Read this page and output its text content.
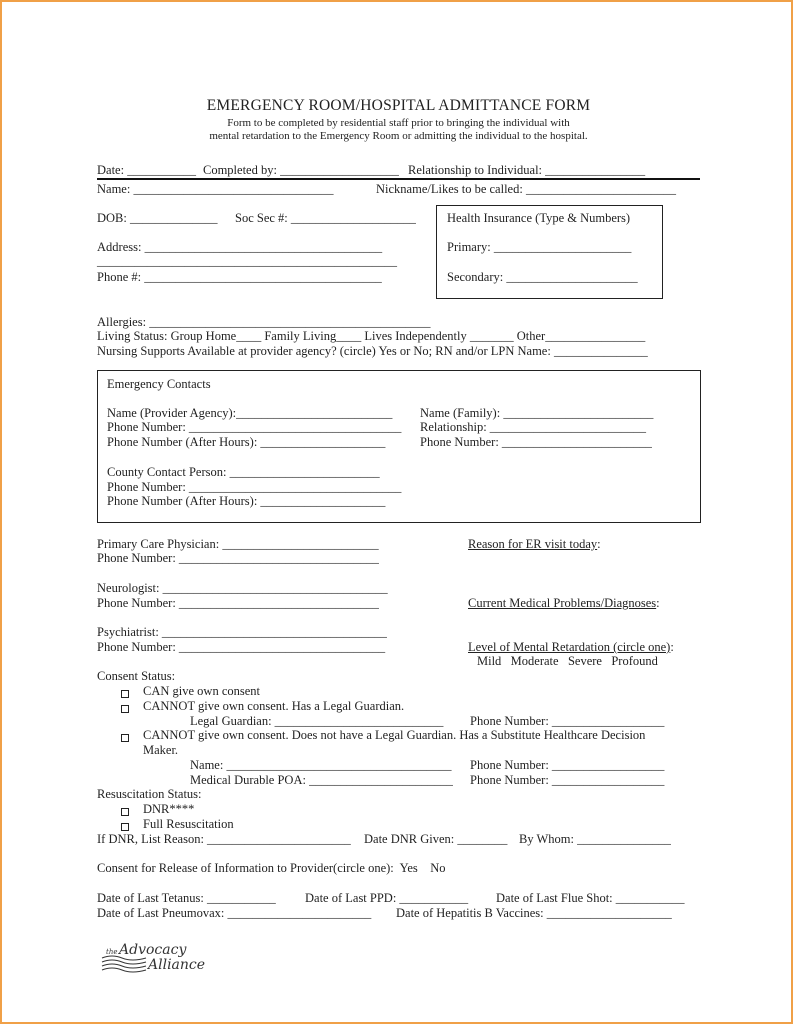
EMERGENCY ROOM/HOSPITAL ADMITTANCE FORM
Form to be completed by residential staff prior to bringing the individual with
mental retardation to the Emergency Room or admitting the individual to the hospital.
Date: ___________ Completed by: ___________________ Relationship to Individual: ________________
Name: ________________________________	Nickname/Likes to be called: ________________________
DOB: ______________ Soc Sec #: ____________________
Address: ______________________________________
________________________________________________
Phone #: ______________________________________
Health Insurance (Type & Numbers)
Primary: ______________________
Secondary: _____________________
Allergies: _____________________________________________
Living Status: Group Home____ Family Living____ Lives Independently _______ Other________________
Nursing Supports Available at provider agency? (circle) Yes or No; RN and/or LPN Name: _______________
Emergency Contacts
Name (Provider Agency):_________________________
Phone Number: __________________________________
Phone Number (After Hours): ____________________
Name (Family): ________________________
Relationship: _________________________
Phone Number: ________________________
County Contact Person: ________________________
Phone Number: __________________________________
Phone Number (After Hours): ____________________
Primary Care Physician: _________________________
Phone Number: ________________________________
Neurologist: ____________________________________
Phone Number: ________________________________
Psychiatrist: ____________________________________
Phone Number: _________________________________
Reason for ER visit today:
Current Medical Problems/Diagnoses:
Level of Mental Retardation (circle one):
Mild   Moderate   Severe   Profound
Consent Status:
CAN give own consent
CANNOT give own consent. Has a Legal Guardian.
Legal Guardian: ___________________________ Phone Number: __________________
CANNOT give own consent. Does not have a Legal Guardian. Has a Substitute Healthcare Decision
Maker.
Name: ____________________________________ Phone Number: __________________
Medical Durable POA: _______________________ Phone Number: __________________
Resuscitation Status:
DNR****
Full Resuscitation
If DNR, List Reason: _______________________ Date DNR Given: ________ By Whom: _______________
Consent for Release of Information to Provider(circle one):  Yes    No
Date of Last Tetanus: ___________ Date of Last PPD: ___________ Date of Last Flue Shot: ___________
Date of Last Pneumovax: _______________________ Date of Hepatitis B Vaccines: ____________________
the Advocacy
Alliance
